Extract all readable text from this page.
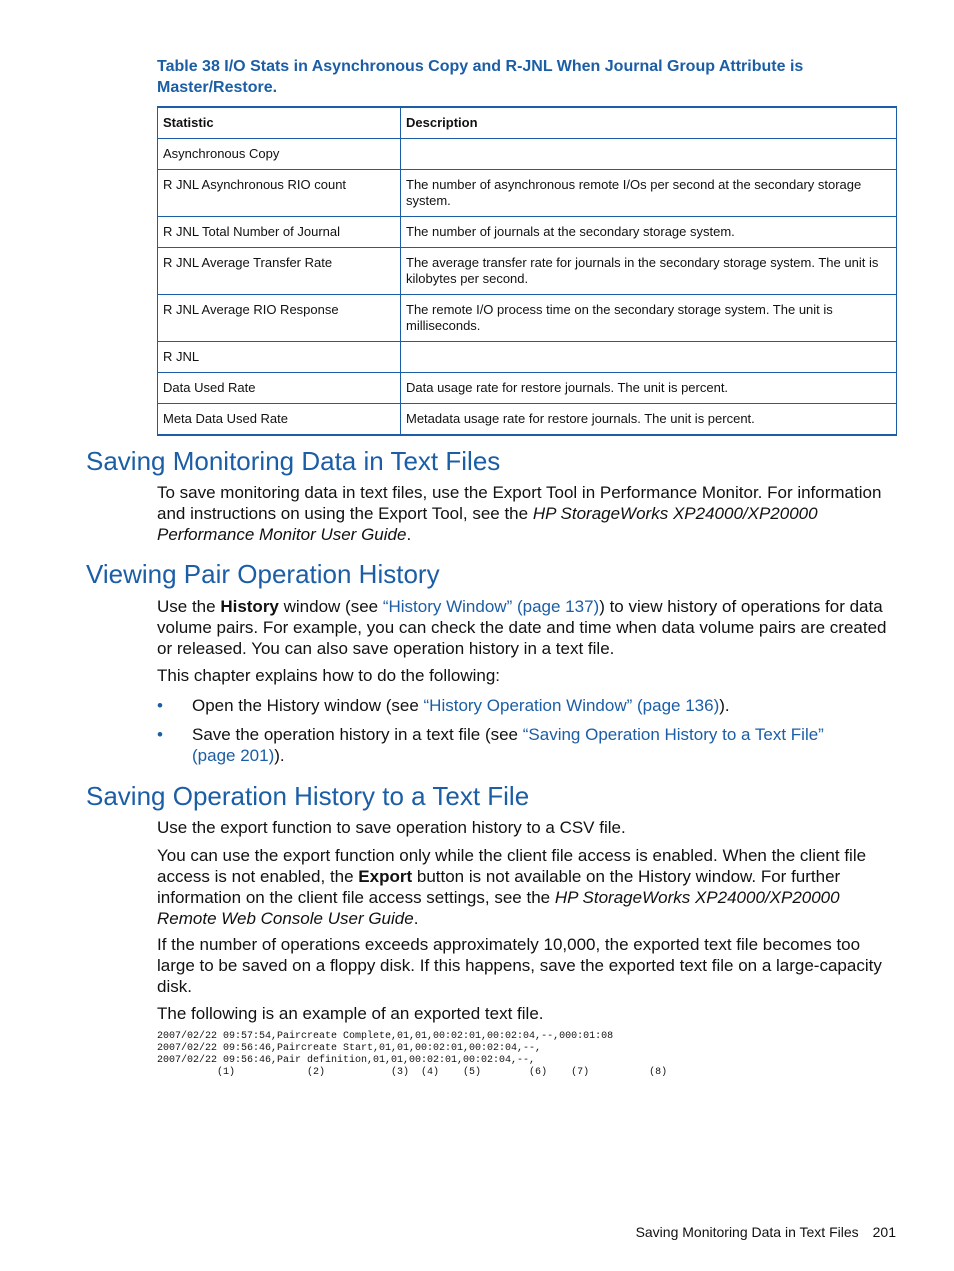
Table 38 I/O Stats in Asynchronous Copy and R-JNL When Journal Group Attribute is Master/Restore.
Statistic	Description
Asynchronous Copy	
R JNL Asynchronous RIO count	The number of asynchronous remote I/Os per second at the secondary storage system.
R JNL Total Number of Journal	The number of journals at the secondary storage system.
R JNL Average Transfer Rate	The average transfer rate for journals in the secondary storage system. The unit is kilobytes per second.
R JNL Average RIO Response	The remote I/O process time on the secondary storage system. The unit is milliseconds.
R JNL	
Data Used Rate	Data usage rate for restore journals. The unit is percent.
Meta Data Used Rate	Metadata usage rate for restore journals. The unit is percent.
Saving Monitoring Data in Text Files

To save monitoring data in text files, use the Export Tool in Performance Monitor. For information and instructions on using the Export Tool, see the HP StorageWorks XP24000/XP20000 Performance Monitor User Guide.

Viewing Pair Operation History

Use the History window (see “History Window” (page 137)) to view history of operations for data volume pairs. For example, you can check the date and time when data volume pairs are created or released. You can also save operation history in a text file.

This chapter explains how to do the following:

• Open the History window (see “History Operation Window” (page 136)).
• Save the operation history in a text file (see “Saving Operation History to a Text File” (page 201)).
Saving Operation History to a Text File

Use the export function to save operation history to a CSV file.

You can use the export function only while the client file access is enabled. When the client file access is not enabled, the Export button is not available on the History window. For further information on the client file access settings, see the HP StorageWorks XP24000/XP20000 Remote Web Console User Guide.

If the number of operations exceeds approximately 10,000, the exported text file becomes too large to be saved on a floppy disk. If this happens, save the exported text file on a large-capacity disk.

The following is an example of an exported text file.

2007/02/22 09:57:54,Paircreate Complete,01,01,00:02:01,00:02:04,--,000:01:08
2007/02/22 09:56:46,Paircreate Start,01,01,00:02:01,00:02:04,--,
2007/02/22 09:56:46,Pair definition,01,01,00:02:01,00:02:04,--,
(1)            (2)           (3)  (4)    (5)        (6)    (7)          (8)
Saving Monitoring Data in Text Files 201
